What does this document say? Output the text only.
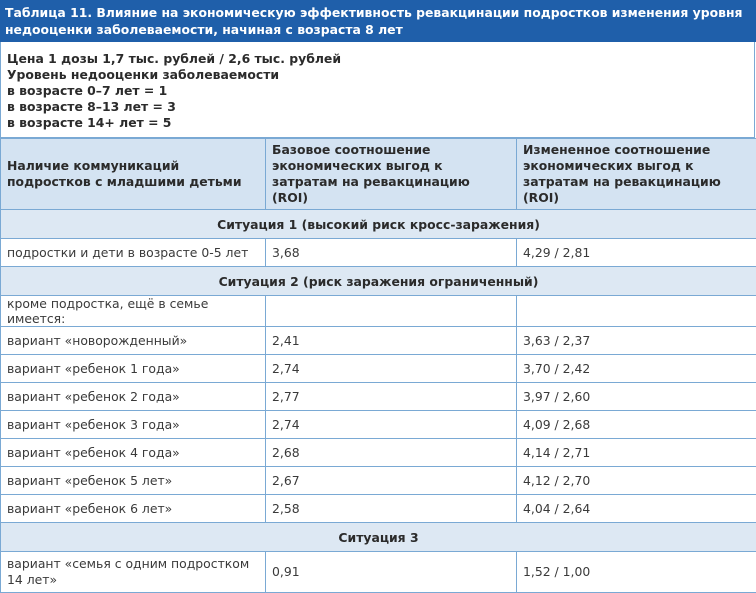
Таблица 11. Влияние на экономическую эффективность ревакцинации подростков изменения уровня недооценки заболеваемости, начиная с возраста 8 лет
Цена 1 дозы 1,7 тыс. рублей / 2,6 тыс. рублей
Уровень недооценки заболеваемости
в возрасте 0–7 лет = 1
в возрасте 8–13 лет = 3
в возрасте 14+ лет = 5
Наличие коммуникаций подростков с младшими детьми	Базовое соотношение экономических выгод к затратам на ревакцинацию (ROI)	Измененное соотношение экономических выгод к затратам на ревакцинацию (ROI)
Ситуация 1 (высокий риск кросс-заражения)		
подростки и дети в возрасте 0-5 лет	3,68	4,29 / 2,81
Ситуация 2 (риск заражения ограниченный)		
кроме подростка, ещё в семье имеется:		
вариант «новорожденный»	2,41	3,63 / 2,37
вариант «ребенок 1 года»	2,74	3,70 / 2,42
вариант «ребенок 2 года»	2,77	3,97 / 2,60
вариант «ребенок 3 года»	2,74	4,09 / 2,68
вариант «ребенок 4 года»	2,68	4,14 / 2,71
вариант «ребенок 5 лет»	2,67	4,12 / 2,70
вариант «ребенок 6 лет»	2,58	4,04 / 2,64
Ситуация 3		
вариант «семья с одним подростком 14 лет»	0,91	1,52 / 1,00
